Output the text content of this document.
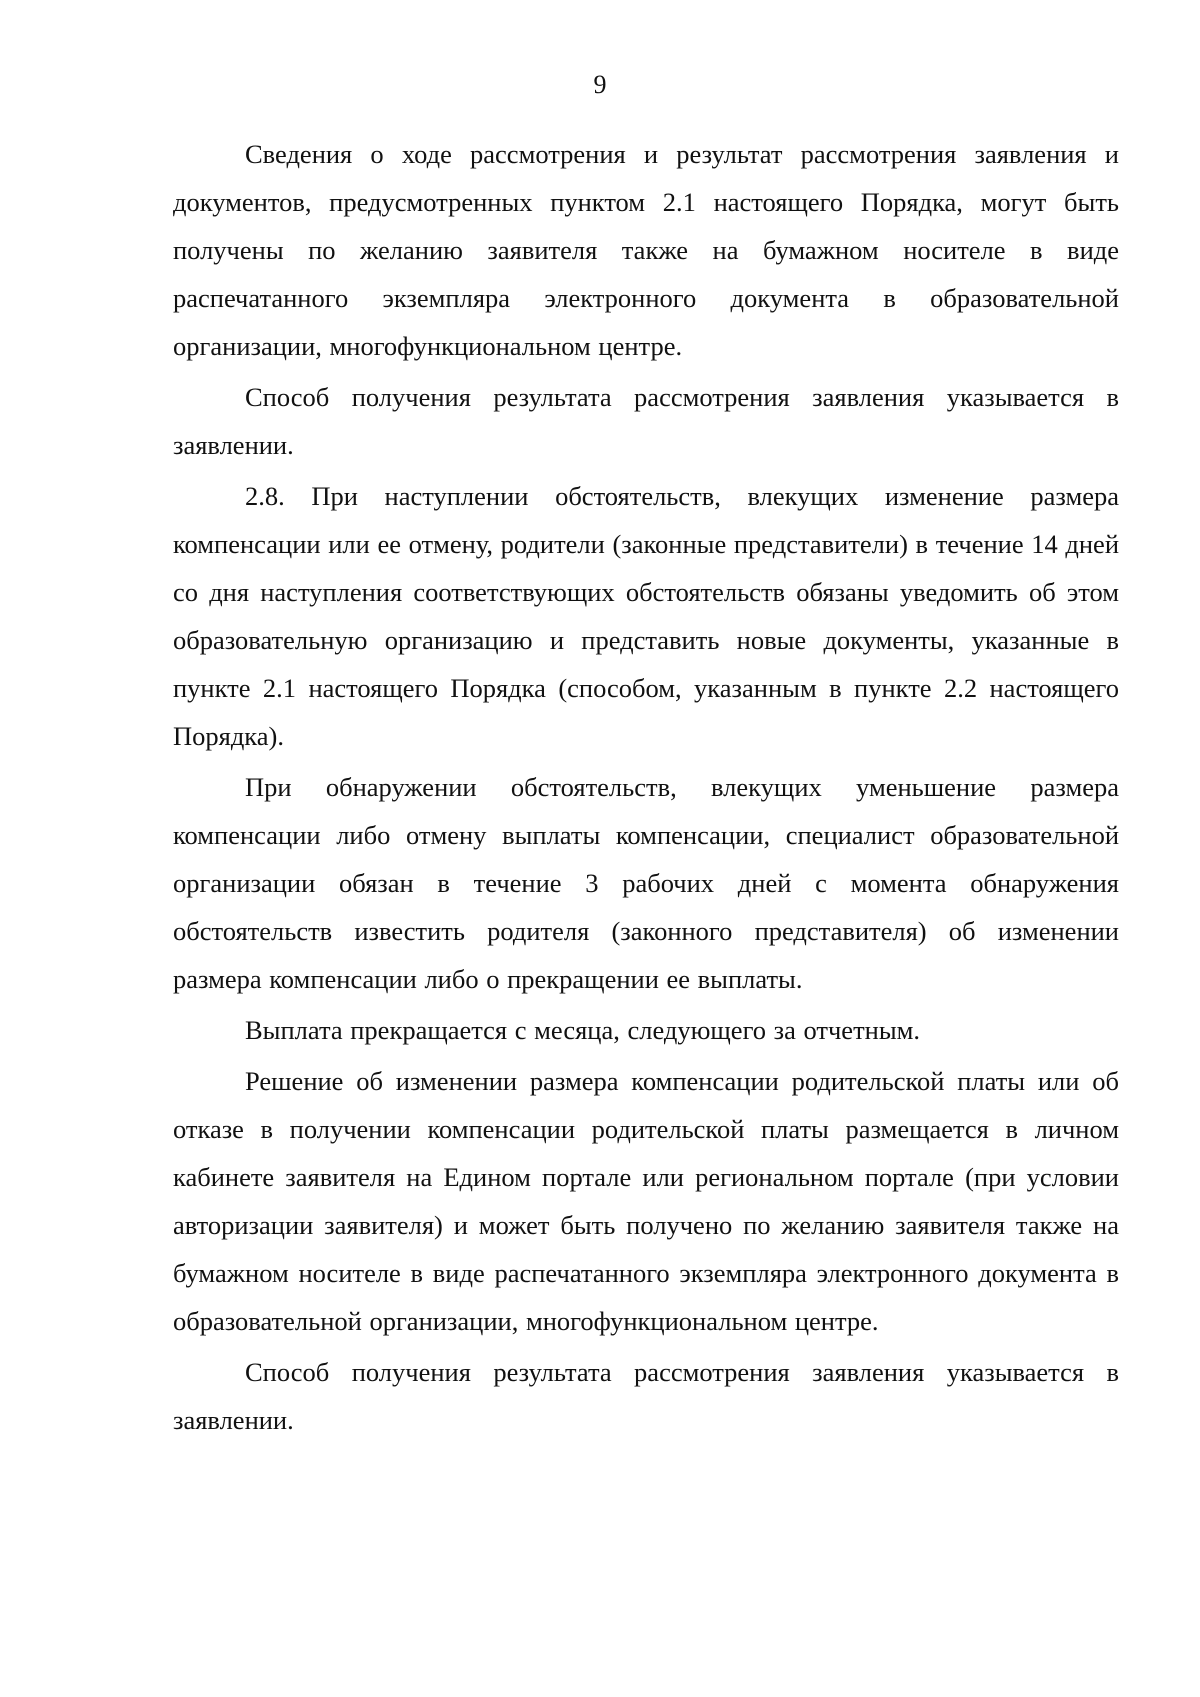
9

Сведения о ходе рассмотрения и результат рассмотрения заявления и документов, предусмотренных пунктом 2.1 настоящего Порядка, могут быть получены по желанию заявителя также на бумажном носителе в виде распечатанного экземпляра электронного документа в образовательной организации, многофункциональном центре.

Способ получения результата рассмотрения заявления указывается в заявлении.

2.8. При наступлении обстоятельств, влекущих изменение размера компенсации или ее отмену, родители (законные представители) в течение 14 дней со дня наступления соответствующих обстоятельств обязаны уведомить об этом образовательную организацию и представить новые документы, указанные в пункте 2.1 настоящего Порядка (способом, указанным в пункте 2.2 настоящего Порядка).

При обнаружении обстоятельств, влекущих уменьшение размера компенсации либо отмену выплаты компенсации, специалист образовательной организации обязан в течение 3 рабочих дней с момента обнаружения обстоятельств известить родителя (законного представителя) об изменении размера компенсации либо о прекращении ее выплаты.

Выплата прекращается с месяца, следующего за отчетным.

Решение об изменении размера компенсации родительской платы или об отказе в получении компенсации родительской платы размещается в личном кабинете заявителя на Едином портале или региональном портале (при условии авторизации заявителя) и может быть получено по желанию заявителя также на бумажном носителе в виде распечатанного экземпляра электронного документа в образовательной организации, многофункциональном центре.

Способ получения результата рассмотрения заявления указывается в заявлении.
